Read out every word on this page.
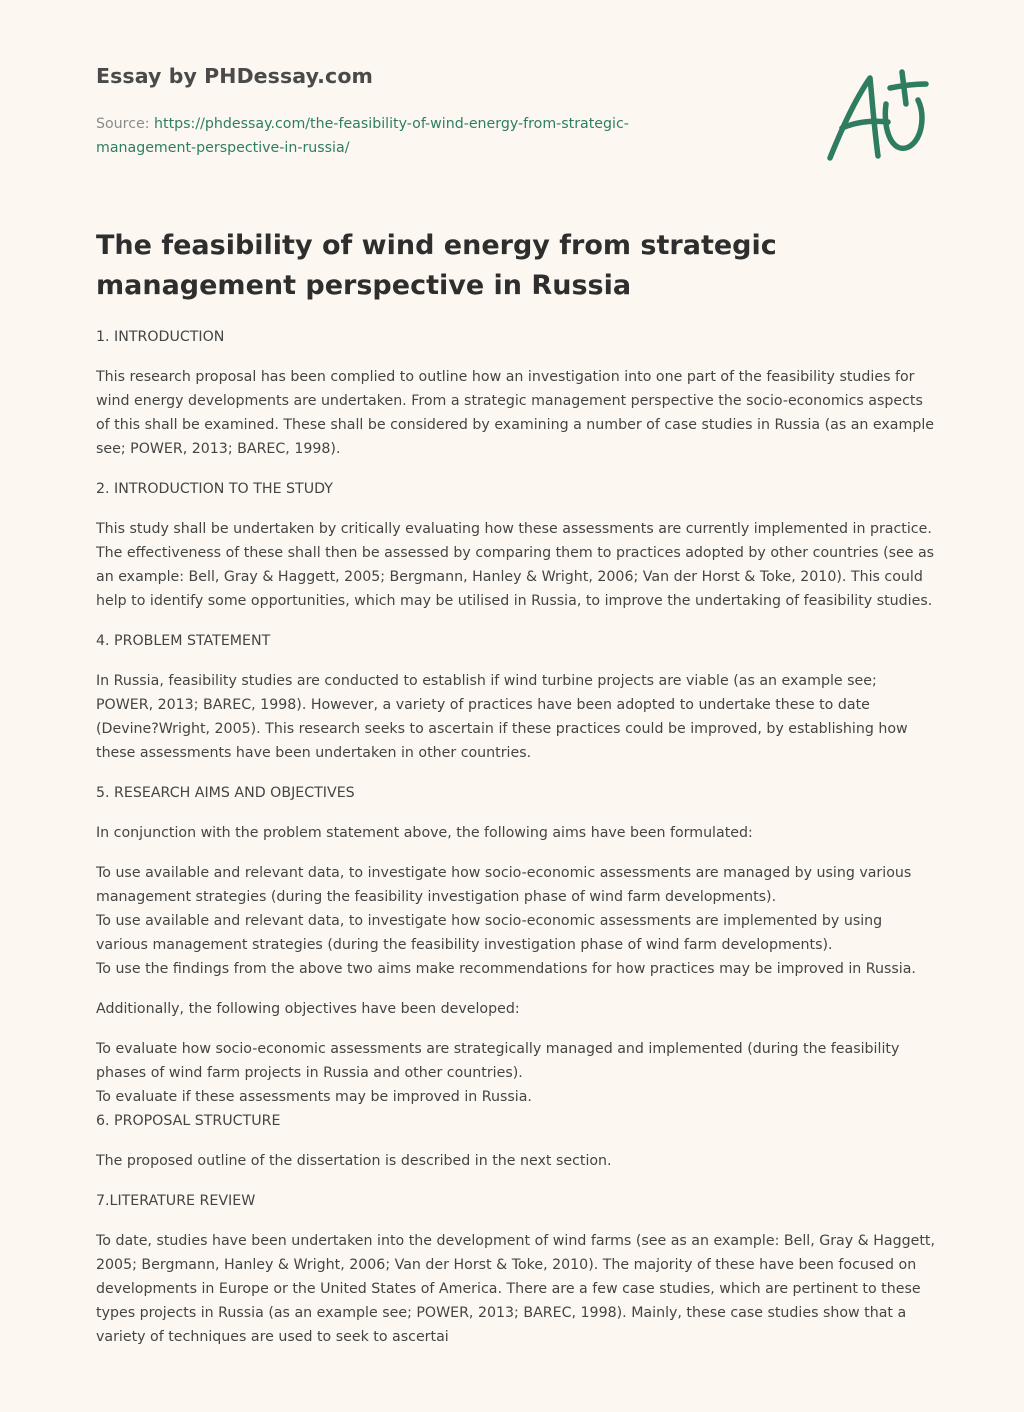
Essay by PHDessay.com
Source: https://phdessay.com/the-feasibility-of-wind-energy-from-strategic-
management-perspective-in-russia/
The feasibility of wind energy from strategic management perspective in Russia

1. INTRODUCTION

This research proposal has been complied to outline how an investigation into one part of the feasibility studies for wind energy developments are undertaken. From a strategic management perspective the socio-economics aspects of this shall be examined. These shall be considered by examining a number of case studies in Russia (as an example see; POWER, 2013; BAREC, 1998).

2. INTRODUCTION TO THE STUDY

This study shall be undertaken by critically evaluating how these assessments are currently implemented in practice. The effectiveness of these shall then be assessed by comparing them to practices adopted by other countries (see as an example: Bell, Gray & Haggett, 2005; Bergmann, Hanley & Wright, 2006; Van der Horst & Toke, 2010). This could help to identify some opportunities, which may be utilised in Russia, to improve the undertaking of feasibility studies.

4. PROBLEM STATEMENT

In Russia, feasibility studies are conducted to establish if wind turbine projects are viable (as an example see; POWER, 2013; BAREC, 1998). However, a variety of practices have been adopted to undertake these to date (Devine?Wright, 2005). This research seeks to ascertain if these practices could be improved, by establishing how these assessments have been undertaken in other countries.

5. RESEARCH AIMS AND OBJECTIVES

In conjunction with the problem statement above, the following aims have been formulated:

To use available and relevant data, to investigate how socio-economic assessments are managed by using various management strategies (during the feasibility investigation phase of wind farm developments).

To use available and relevant data, to investigate how socio-economic assessments are implemented by using various management strategies (during the feasibility investigation phase of wind farm developments).

To use the findings from the above two aims make recommendations for how practices may be improved in Russia.

Additionally, the following objectives have been developed:

To evaluate how socio-economic assessments are strategically managed and implemented (during the feasibility phases of wind farm projects in Russia and other countries).

To evaluate if these assessments may be improved in Russia.

6. PROPOSAL STRUCTURE

The proposed outline of the dissertation is described in the next section.

7.LITERATURE REVIEW

To date, studies have been undertaken into the development of wind farms (see as an example: Bell, Gray & Haggett, 2005; Bergmann, Hanley & Wright, 2006; Van der Horst & Toke, 2010). The majority of these have been focused on developments in Europe or the United States of America. There are a few case studies, which are pertinent to these types projects in Russia (as an example see; POWER, 2013; BAREC, 1998). Mainly, these case studies show that a variety of techniques are used to seek to ascertai
